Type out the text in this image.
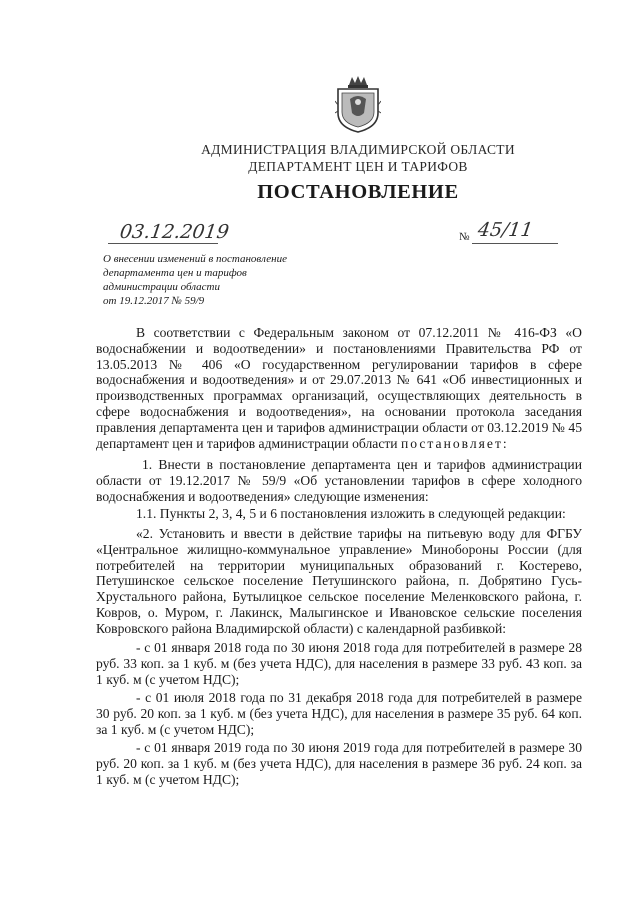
АДМИНИСТРАЦИЯ ВЛАДИМИРСКОЙ ОБЛАСТИ
ДЕПАРТАМЕНТ ЦЕН И ТАРИФОВ
ПОСТАНОВЛЕНИЕ
03.12.2019	№ 45/11
О внесении изменений в постановление
департамента цен и тарифов
администрации области
от 19.12.2017 № 59/9

В соответствии с Федеральным законом от 07.12.2011 № 416-ФЗ «О водоснабжении и водоотведении» и постановлениями Правительства РФ от 13.05.2013 № 406 «О государственном регулировании тарифов в сфере водоснабжения и водоотведения» и от 29.07.2013 № 641 «Об инвестиционных и производственных программах организаций, осуществляющих деятельность в сфере водоснабжения и водоотведения», на основании протокола заседания правления департамента цен и тарифов администрации области от 03.12.2019 № 45 департамент цен и тарифов администрации области постановляет:

1. Внести в постановление департамента цен и тарифов администрации области от 19.12.2017 № 59/9 «Об установлении тарифов в сфере холодного водоснабжения и водоотведения» следующие изменения:

1.1. Пункты 2, 3, 4, 5 и 6 постановления изложить в следующей редакции:

«2. Установить и ввести в действие тарифы на питьевую воду для ФГБУ «Центральное жилищно-коммунальное управление» Минобороны России (для потребителей на территории муниципальных образований г. Костерево, Петушинское сельское поселение Петушинского района, п. Добрятино Гусь-Хрустального района, Бутылицкое сельское поселение Меленковского района, г. Ковров, о. Муром, г. Лакинск, Малыгинское и Ивановское сельские поселения Ковровского района Владимирской области) с календарной разбивкой:

- с 01 января 2018 года по 30 июня 2018 года для потребителей в размере 28 руб. 33 коп. за 1 куб. м (без учета НДС), для населения в размере 33 руб. 43 коп. за 1 куб. м (с учетом НДС);

- с 01 июля 2018 года по 31 декабря 2018 года для потребителей в размере 30 руб. 20 коп. за 1 куб. м (без учета НДС), для населения в размере 35 руб. 64 коп. за 1 куб. м (с учетом НДС);

- с 01 января 2019 года по 30 июня 2019 года для потребителей в размере 30 руб. 20 коп. за 1 куб. м (без учета НДС), для населения в размере 36 руб. 24 коп. за 1 куб. м (с учетом НДС);
